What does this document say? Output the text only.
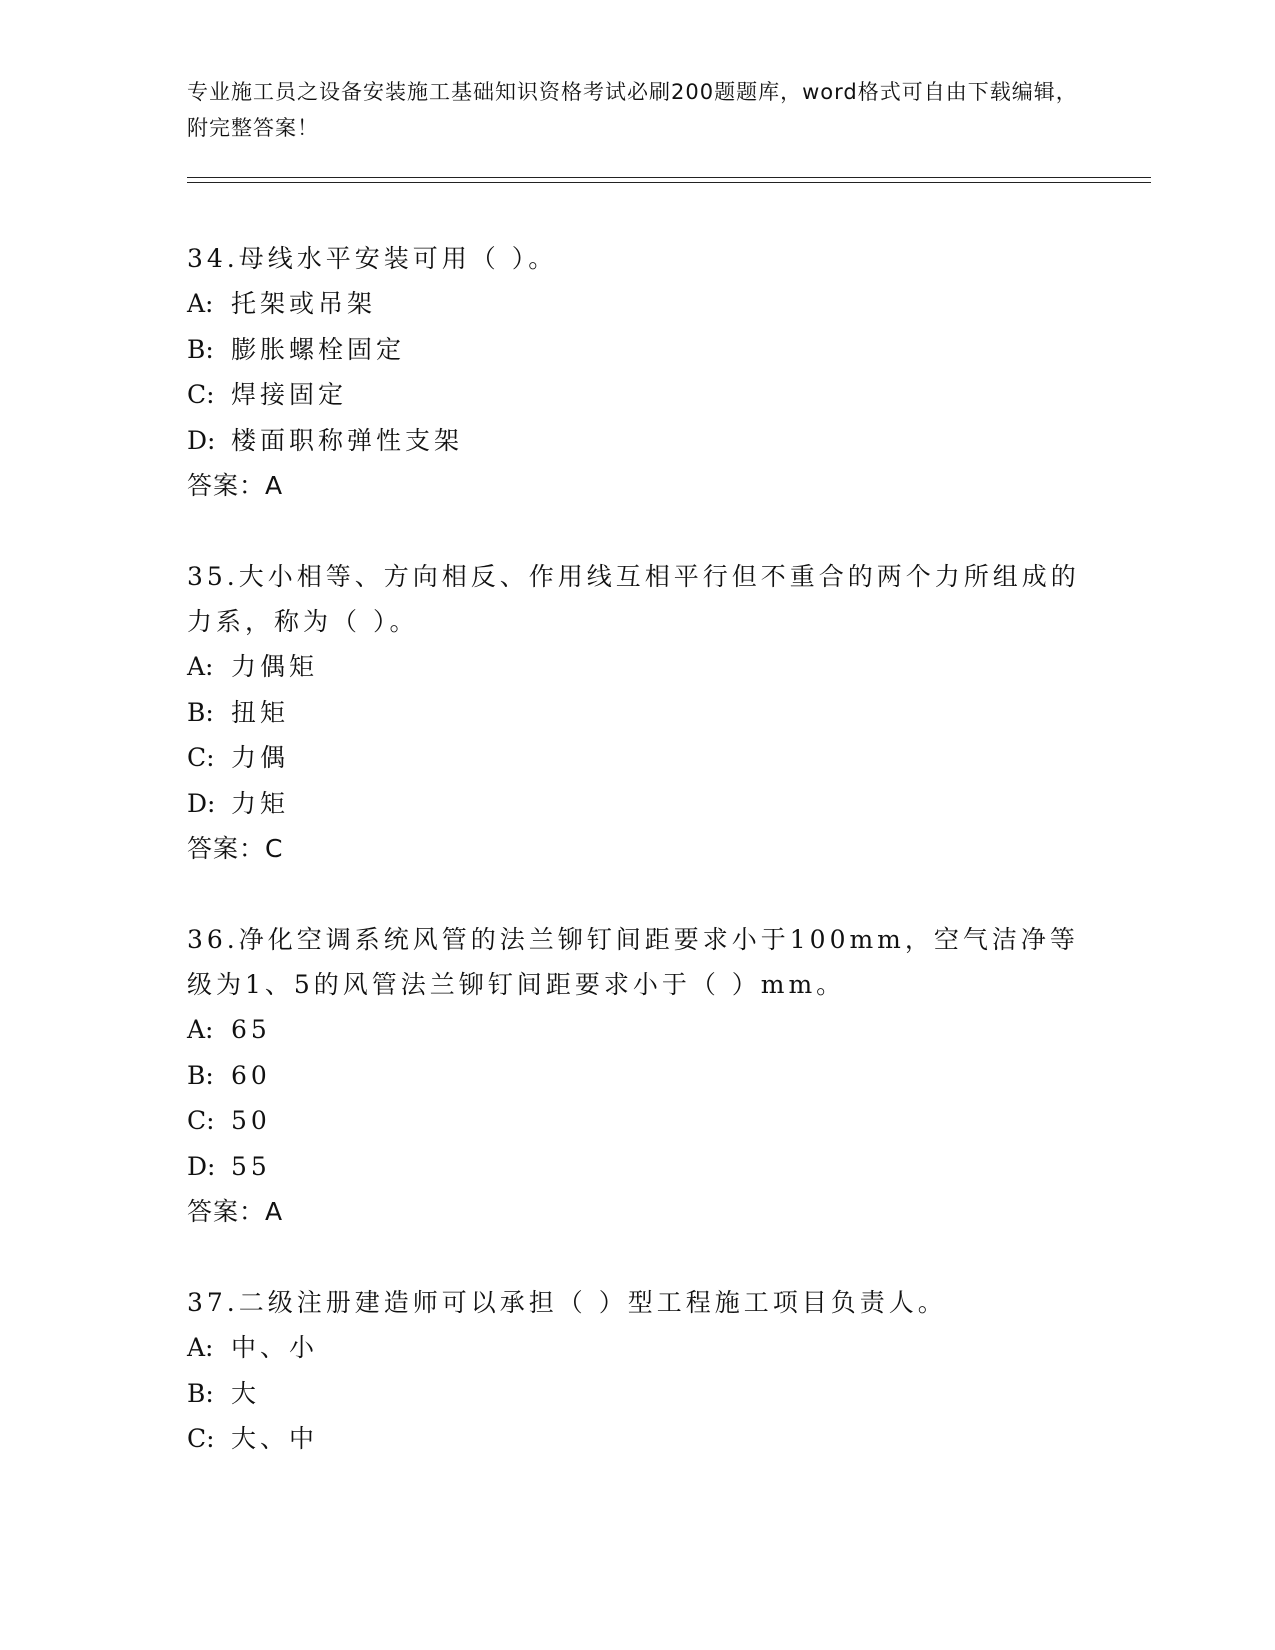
专业施工员之设备安装施工基础知识资格考试必刷200题题库，word格式可自由下载编辑，附完整答案！

34.母线水平安装可用（ ）。

A: 托架或吊架

B: 膨胀螺栓固定

C: 焊接固定

D: 楼面职称弹性支架

答案：A

35.大小相等、方向相反、作用线互相平行但不重合的两个力所组成的力系，称为（ ）。

A: 力偶矩

B: 扭矩

C: 力偶

D: 力矩

答案：C

36.净化空调系统风管的法兰铆钉间距要求小于100mm，空气洁净等级为1、5的风管法兰铆钉间距要求小于（ ）mm。

A: 65

B: 60

C: 50

D: 55

答案：A

37.二级注册建造师可以承担（ ）型工程施工项目负责人。

A: 中、小

B: 大

C: 大、中
